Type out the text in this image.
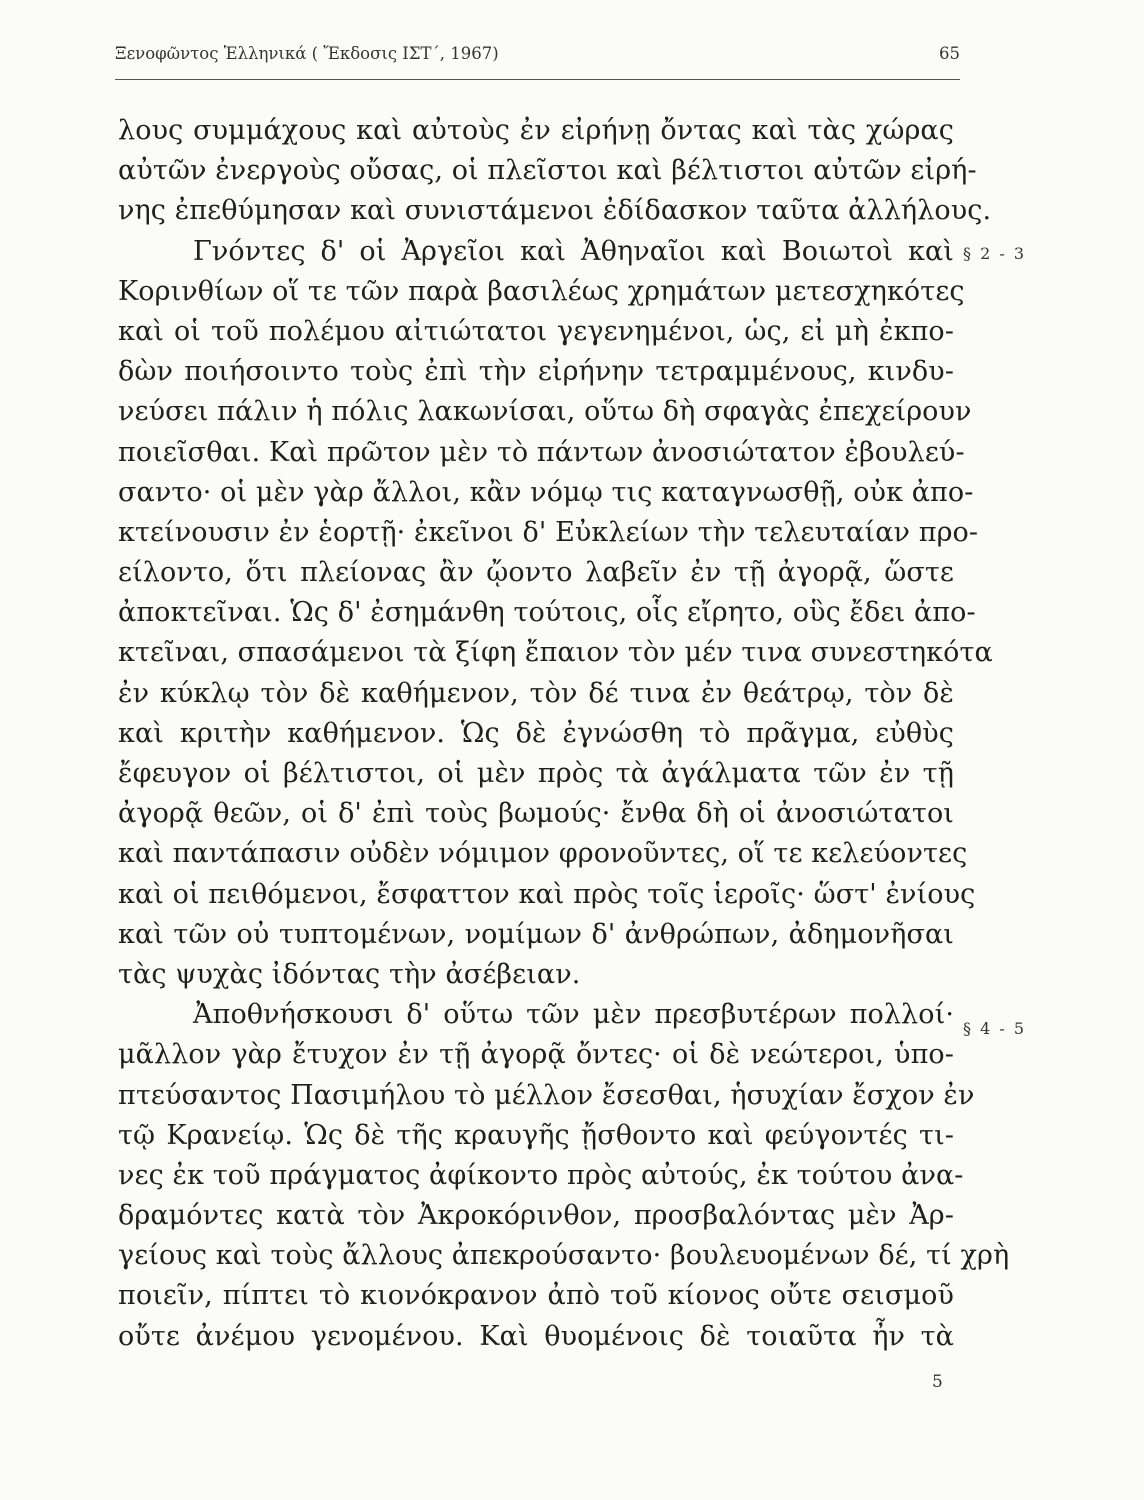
Ξενοφῶντος Ἑλληνικά ( Ἔκδοσις ΙΣΤ΄, 1967)	65
λους συμμάχους καὶ αὐτοὺς ἐν εἰρήνῃ ὄντας καὶ τὰς χώρας
αὐτῶν ἐνεργοὺς οὔσας, οἱ πλεῖστοι καὶ βέλτιστοι αὐτῶν εἰρή-
νης ἐπεθύμησαν καὶ συνιστάμενοι ἐδίδασκον ταῦτα ἀλλήλους.
Γνόντες δ' οἱ Ἀργεῖοι καὶ Ἀθηναῖοι καὶ Βοιωτοὶ καὶ
Κορινθίων οἵ τε τῶν παρὰ βασιλέως χρημάτων μετεσχηκότες
καὶ οἱ τοῦ πολέμου αἰτιώτατοι γεγενημένοι, ὡς, εἰ μὴ ἐκπο-
δὼν ποιήσοιντο τοὺς ἐπὶ τὴν εἰρήνην τετραμμένους, κινδυ-
νεύσει πάλιν ἡ πόλις λακωνίσαι, οὕτω δὴ σφαγὰς ἐπεχείρουν
ποιεῖσθαι. Καὶ πρῶτον μὲν τὸ πάντων ἀνοσιώτατον ἐβουλεύ-
σαντο· οἱ μὲν γὰρ ἄλλοι, κἂν νόμῳ τις καταγνωσθῇ, οὐκ ἀπο-
κτείνουσιν ἐν ἑορτῇ· ἐκεῖνοι δ' Εὐκλείων τὴν τελευταίαν προ-
είλοντο, ὅτι πλείονας ἂν ᾤοντο λαβεῖν ἐν τῇ ἀγορᾷ, ὥστε
ἀποκτεῖναι. Ὡς δ' ἐσημάνθη τούτοις, οἷς εἴρητο, οὓς ἔδει ἀπο-
κτεῖναι, σπασάμενοι τὰ ξίφη ἔπαιον τὸν μέν τινα συνεστηκότα
ἐν κύκλῳ τὸν δὲ καθήμενον, τὸν δέ τινα ἐν θεάτρῳ, τὸν δὲ
καὶ κριτὴν καθήμενον. Ὡς δὲ ἐγνώσθη τὸ πρᾶγμα, εὐθὺς
ἔφευγον οἱ βέλτιστοι, οἱ μὲν πρὸς τὰ ἀγάλματα τῶν ἐν τῇ
ἀγορᾷ θεῶν, οἱ δ' ἐπὶ τοὺς βωμούς· ἔνθα δὴ οἱ ἀνοσιώτατοι
καὶ παντάπασιν οὐδὲν νόμιμον φρονοῦντες, οἵ τε κελεύοντες
καὶ οἱ πειθόμενοι, ἔσφαττον καὶ πρὸς τοῖς ἱεροῖς· ὥστ' ἐνίους
καὶ τῶν οὐ τυπτομένων, νομίμων δ' ἀνθρώπων, ἀδημονῆσαι
τὰς ψυχὰς ἰδόντας τὴν ἀσέβειαν.
Ἀποθνήσκουσι δ' οὕτω τῶν μὲν πρεσβυτέρων πολλοί·
μᾶλλον γὰρ ἔτυχον ἐν τῇ ἀγορᾷ ὄντες· οἱ δὲ νεώτεροι, ὑπο-
πτεύσαντος Πασιμήλου τὸ μέλλον ἔσεσθαι, ἡσυχίαν ἔσχον ἐν
τῷ Κρανείῳ. Ὡς δὲ τῆς κραυγῆς ᾔσθοντο καὶ φεύγοντές τι-
νες ἐκ τοῦ πράγματος ἀφίκοντο πρὸς αὐτούς, ἐκ τούτου ἀνα-
δραμόντες κατὰ τὸν Ἀκροκόρινθον, προσβαλόντας μὲν Ἀρ-
γείους καὶ τοὺς ἄλλους ἀπεκρούσαντο· βουλευομένων δέ, τί χρὴ
ποιεῖν, πίπτει τὸ κιονόκρανον ἀπὸ τοῦ κίονος οὔτε σεισμοῦ
οὔτε ἀνέμου γενομένου. Καὶ θυομένοις δὲ τοιαῦτα ἦν τὰ
§ 2 - 3
§ 4 - 5
5
